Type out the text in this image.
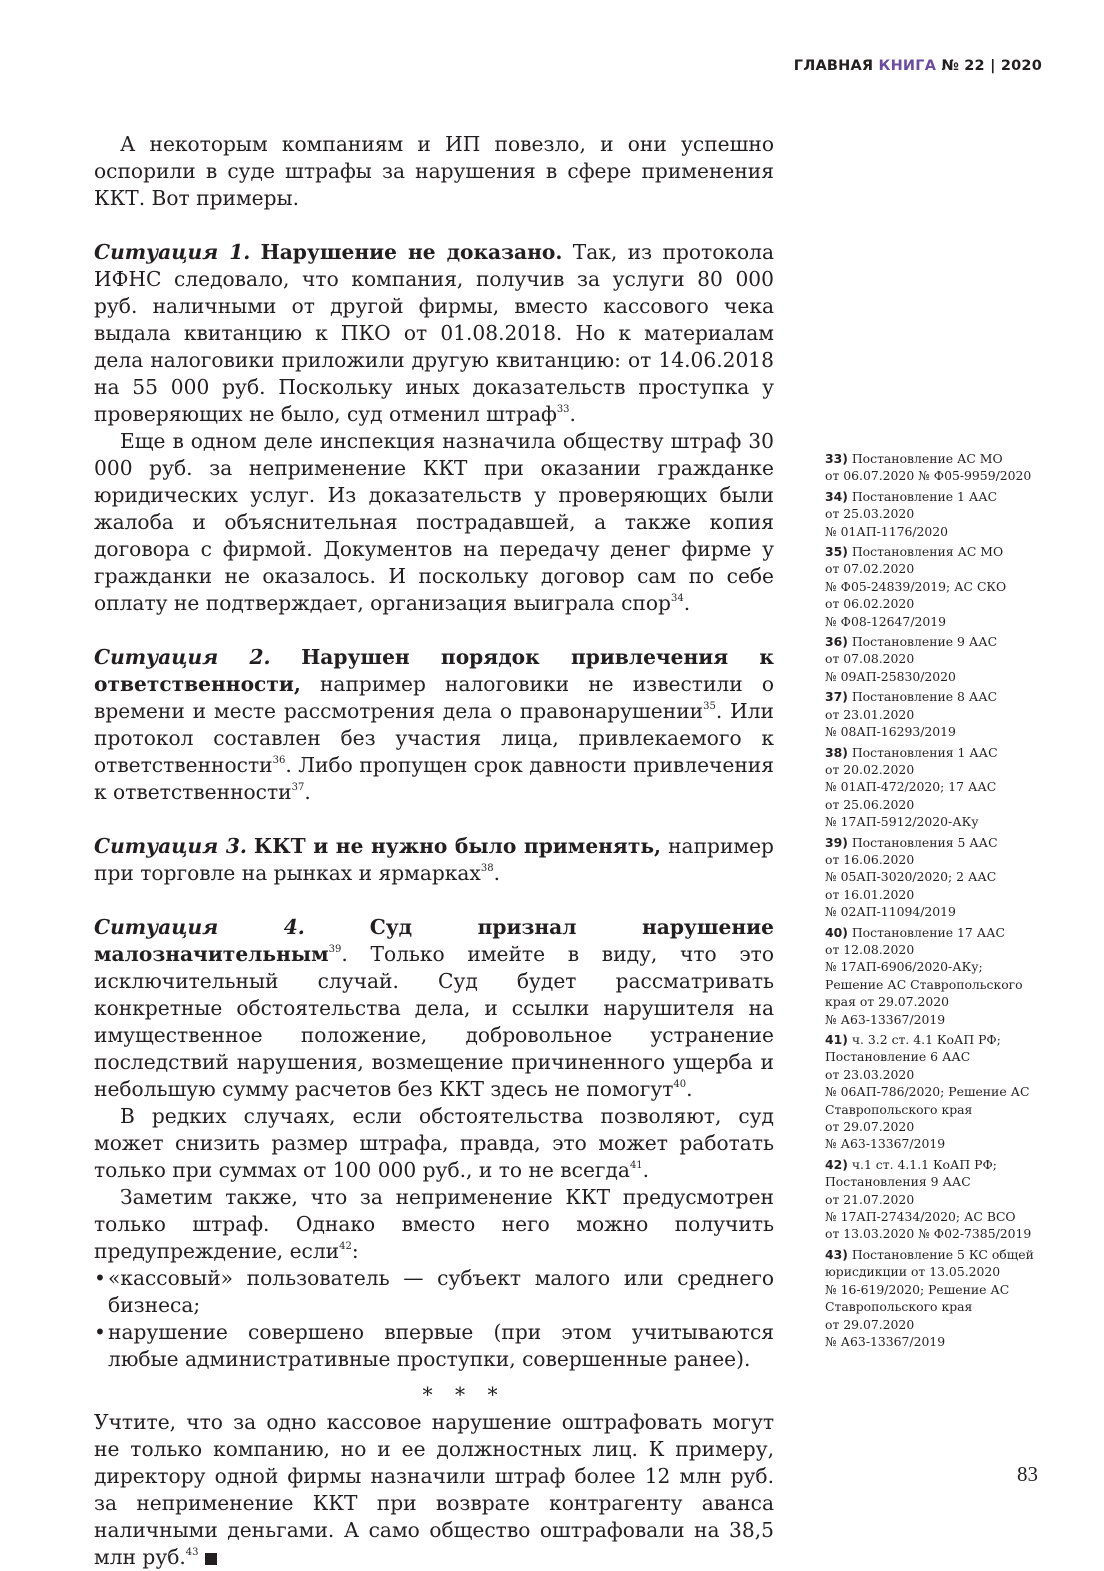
ГЛАВНАЯ КНИГА № 22 | 2020

А некоторым компаниям и ИП повезло, и они успешно оспорили в суде штрафы за нарушения в сфере применения ККТ. Вот примеры.

Ситуация 1. Нарушение не доказано. Так, из протокола ИФНС следовало, что компания, получив за услуги 80 000 руб. наличными от другой фирмы, вместо кассового чека выдала квитанцию к ПКО от 01.08.2018. Но к материалам дела налоговики приложили другую квитанцию: от 14.06.2018 на 55 000 руб. Поскольку иных доказательств проступка у проверяющих не было, суд отменил штраф$^{33}$.

Еще в одном деле инспекция назначила обществу штраф 30 000 руб. за неприменение ККТ при оказании гражданке юридических услуг. Из доказательств у проверяющих были жалоба и объяснительная пострадавшей, а также копия договора с фирмой. Документов на передачу денег фирме у гражданки не оказалось. И поскольку договор сам по себе оплату не подтверждает, организация выиграла спор$^{34}$.

Ситуация 2. Нарушен порядок привлечения к ответственности, например налоговики не известили о времени и месте рассмотрения дела о правонарушении$^{35}$. Или протокол составлен без участия лица, привлекаемого к ответственности$^{36}$. Либо пропущен срок давности привлечения к ответственности$^{37}$.

Ситуация 3. ККТ и не нужно было применять, например при торговле на рынках и ярмарках$^{38}$.

Ситуация 4.	Суд признал нарушение малозначительным$^{39}$. Только имейте в виду, что это исключительный случай. Суд будет рассматривать конкретные обстоятельства дела, и ссылки нарушителя на имущественное положение, добровольное устранение последствий нарушения, возмещение причиненного ущерба и небольшую сумму расчетов без ККТ здесь не помогут$^{40}$.

В редких случаях, если обстоятельства позволяют, суд может снизить размер штрафа, правда, это может работать только при суммах от 100 000 руб., и то не всегда$^{41}$.

Заметим также, что за неприменение ККТ предусмотрен только штраф. Однако вместо него можно получить предупреждение, если$^{42}$:

• «кассовый» пользователь — субъект малого или среднего бизнеса;
• нарушение совершено впервые (при этом учитываются любые административные проступки, совершенные ранее).

* * *

Учтите, что за одно кассовое нарушение оштрафовать могут не только компанию, но и ее должностных лиц. К примеру, директору одной фирмы назначили штраф более 12 млн руб. за неприменение ККТ при возврате контрагенту аванса наличными деньгами. А само общество оштрафовали на 38,5 млн руб.$^{43}$

33) Постановление АС МО
от 06.07.2020 № Ф05-9959/2020
34) Постановление 1 ААС
от 25.03.2020
№ 01АП-1176/2020
35) Постановления АС МО
от 07.02.2020
№ Ф05-24839/2019; АС СКО
от 06.02.2020
№ Ф08-12647/2019
36) Постановление 9 ААС
от 07.08.2020
№ 09АП-25830/2020
37) Постановление 8 ААС
от 23.01.2020
№ 08АП-16293/2019
38) Постановления 1 ААС
от 20.02.2020
№ 01АП-472/2020; 17 ААС
от 25.06.2020
№ 17АП-5912/2020-АКу
39) Постановления 5 ААС
от 16.06.2020
№ 05АП-3020/2020; 2 ААС
от 16.01.2020
№ 02АП-11094/2019
40) Постановление 17 ААС
от 12.08.2020
№ 17АП-6906/2020-АКу;
Решение АС Ставропольского
края от 29.07.2020
№ А63-13367/2019
41) ч. 3.2 ст. 4.1 КоАП РФ;
Постановление 6 ААС
от 23.03.2020
№ 06АП-786/2020; Решение АС
Ставропольского края
от 29.07.2020
№ А63-13367/2019
42) ч.1 ст. 4.1.1 КоАП РФ;
Постановления 9 ААС
от 21.07.2020
№ 17АП-27434/2020; АС ВСО
от 13.03.2020 № Ф02-7385/2019
43) Постановление 5 КС общей
юрисдикции от 13.05.2020
№ 16-619/2020; Решение АС
Ставропольского края
от 29.07.2020
№ А63-13367/2019
83
